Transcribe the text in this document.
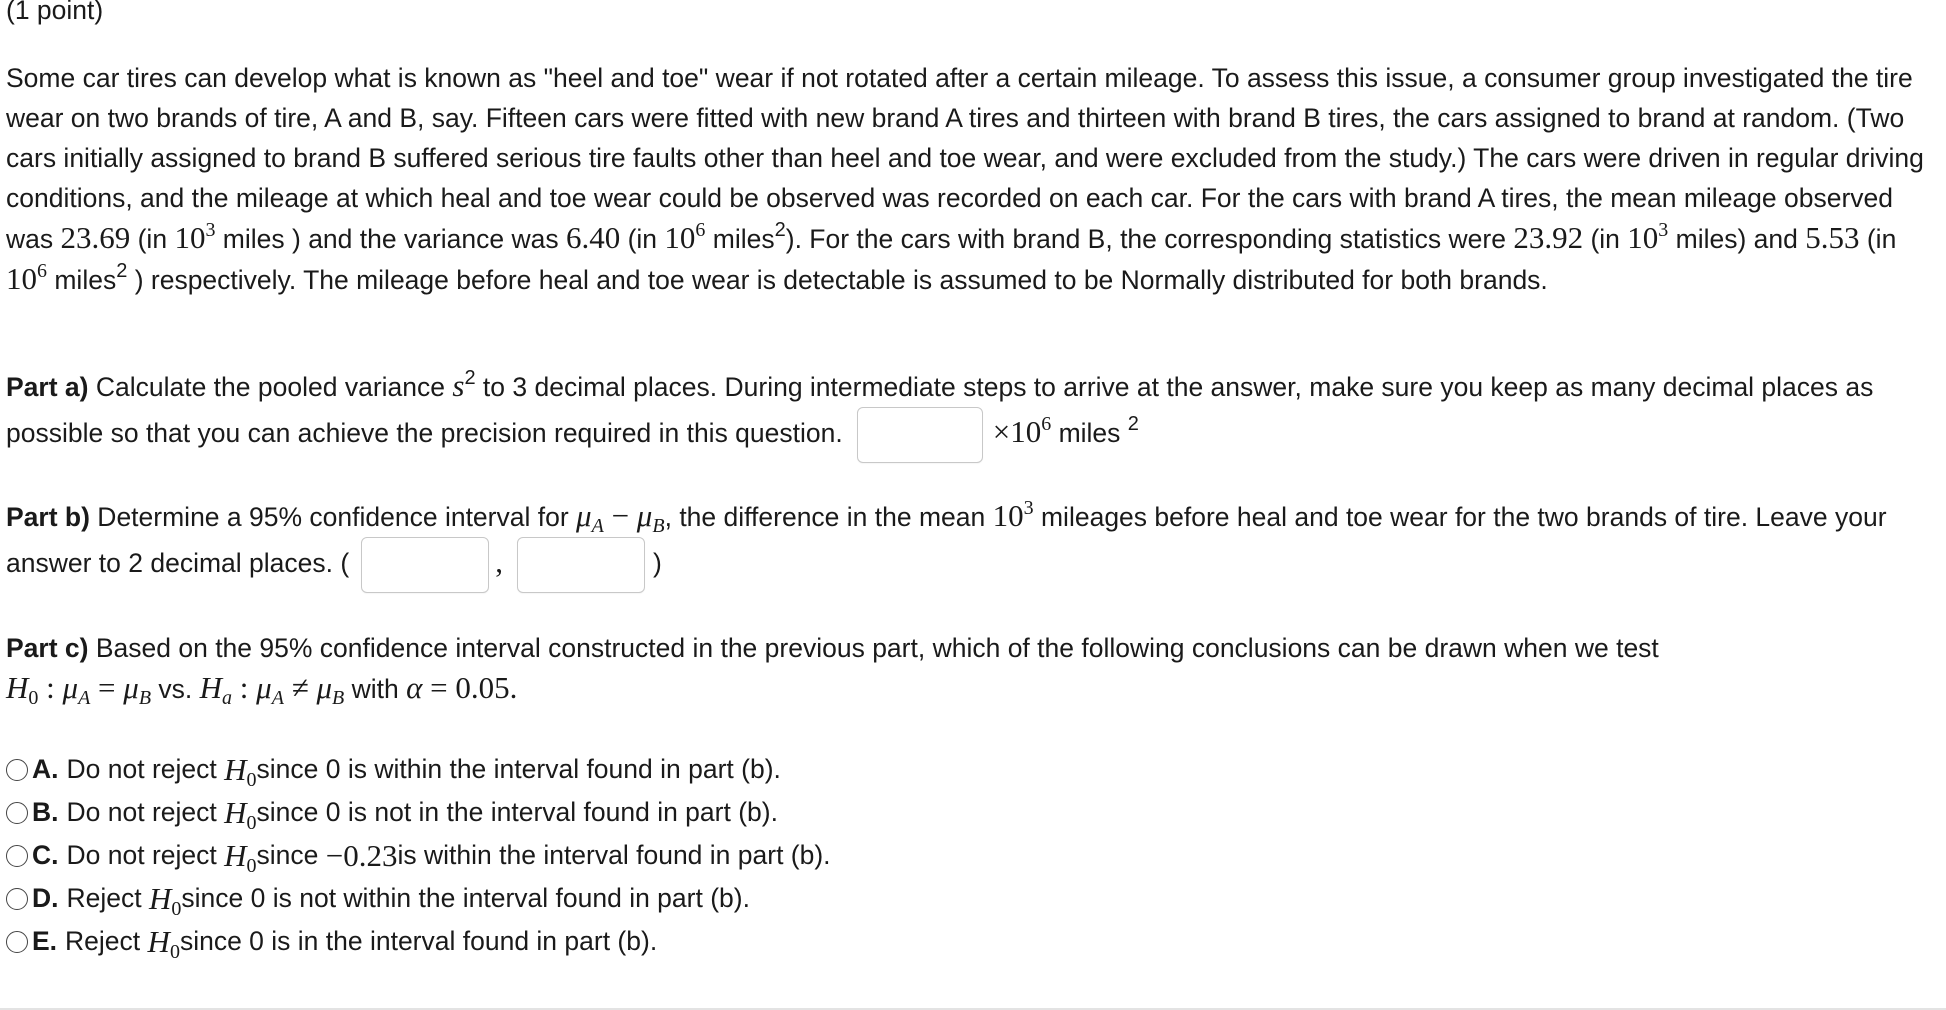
(1 point)

Some car tires can develop what is known as "heel and toe" wear if not rotated after a certain mileage. To assess this issue, a consumer group investigated the tire wear on two brands of tire, A and B, say. Fifteen cars were fitted with new brand A tires and thirteen with brand B tires, the cars assigned to brand at random. (Two cars initially assigned to brand B suffered serious tire faults other than heel and toe wear, and were excluded from the study.) The cars were driven in regular driving conditions, and the mileage at which heal and toe wear could be observed was recorded on each car. For the cars with brand A tires, the mean mileage observed was 23.69 (in $10^3$ miles ) and the variance was 6.40 (in $10^6$ miles$^2$). For the cars with brand B, the corresponding statistics were 23.92 (in $10^3$ miles) and 5.53 (in $10^6$ miles$^2$ ) respectively. The mileage before heal and toe wear is detectable is assumed to be Normally distributed for both brands.

Part a) Calculate the pooled variance $s^2$ to 3 decimal places. During intermediate steps to arrive at the answer, make sure you keep as many decimal places as possible so that you can achieve the precision required in this question.	$\times 10^6$ miles $^2$

Part b) Determine a 95% confidence interval for $\mu_A - \mu_B$, the difference in the mean $10^3$ mileages before heal and toe wear for the two brands of tire. Leave your answer to 2 decimal places. (	,	)

Part c) Based on the 95% confidence interval constructed in the previous part, which of the following conclusions can be drawn when we test
$H_0$ : $\mu_A = \mu_B$ vs. $H_a$ : $\mu_A \ne \mu_B$ with α = 0.05.

A. Do not reject
$H_0$ since 0 is within the interval found in part (b).
B. Do not reject
$H_0$ since 0 is not in the interval found in part (b).
C. Do not reject
$H_0$ since
−0.23 is within the interval found in part (b).
D. Reject
$H_0$ since 0 is not within the interval found in part (b).
E. Reject
$H_0$ since 0 is in the interval found in part (b).
